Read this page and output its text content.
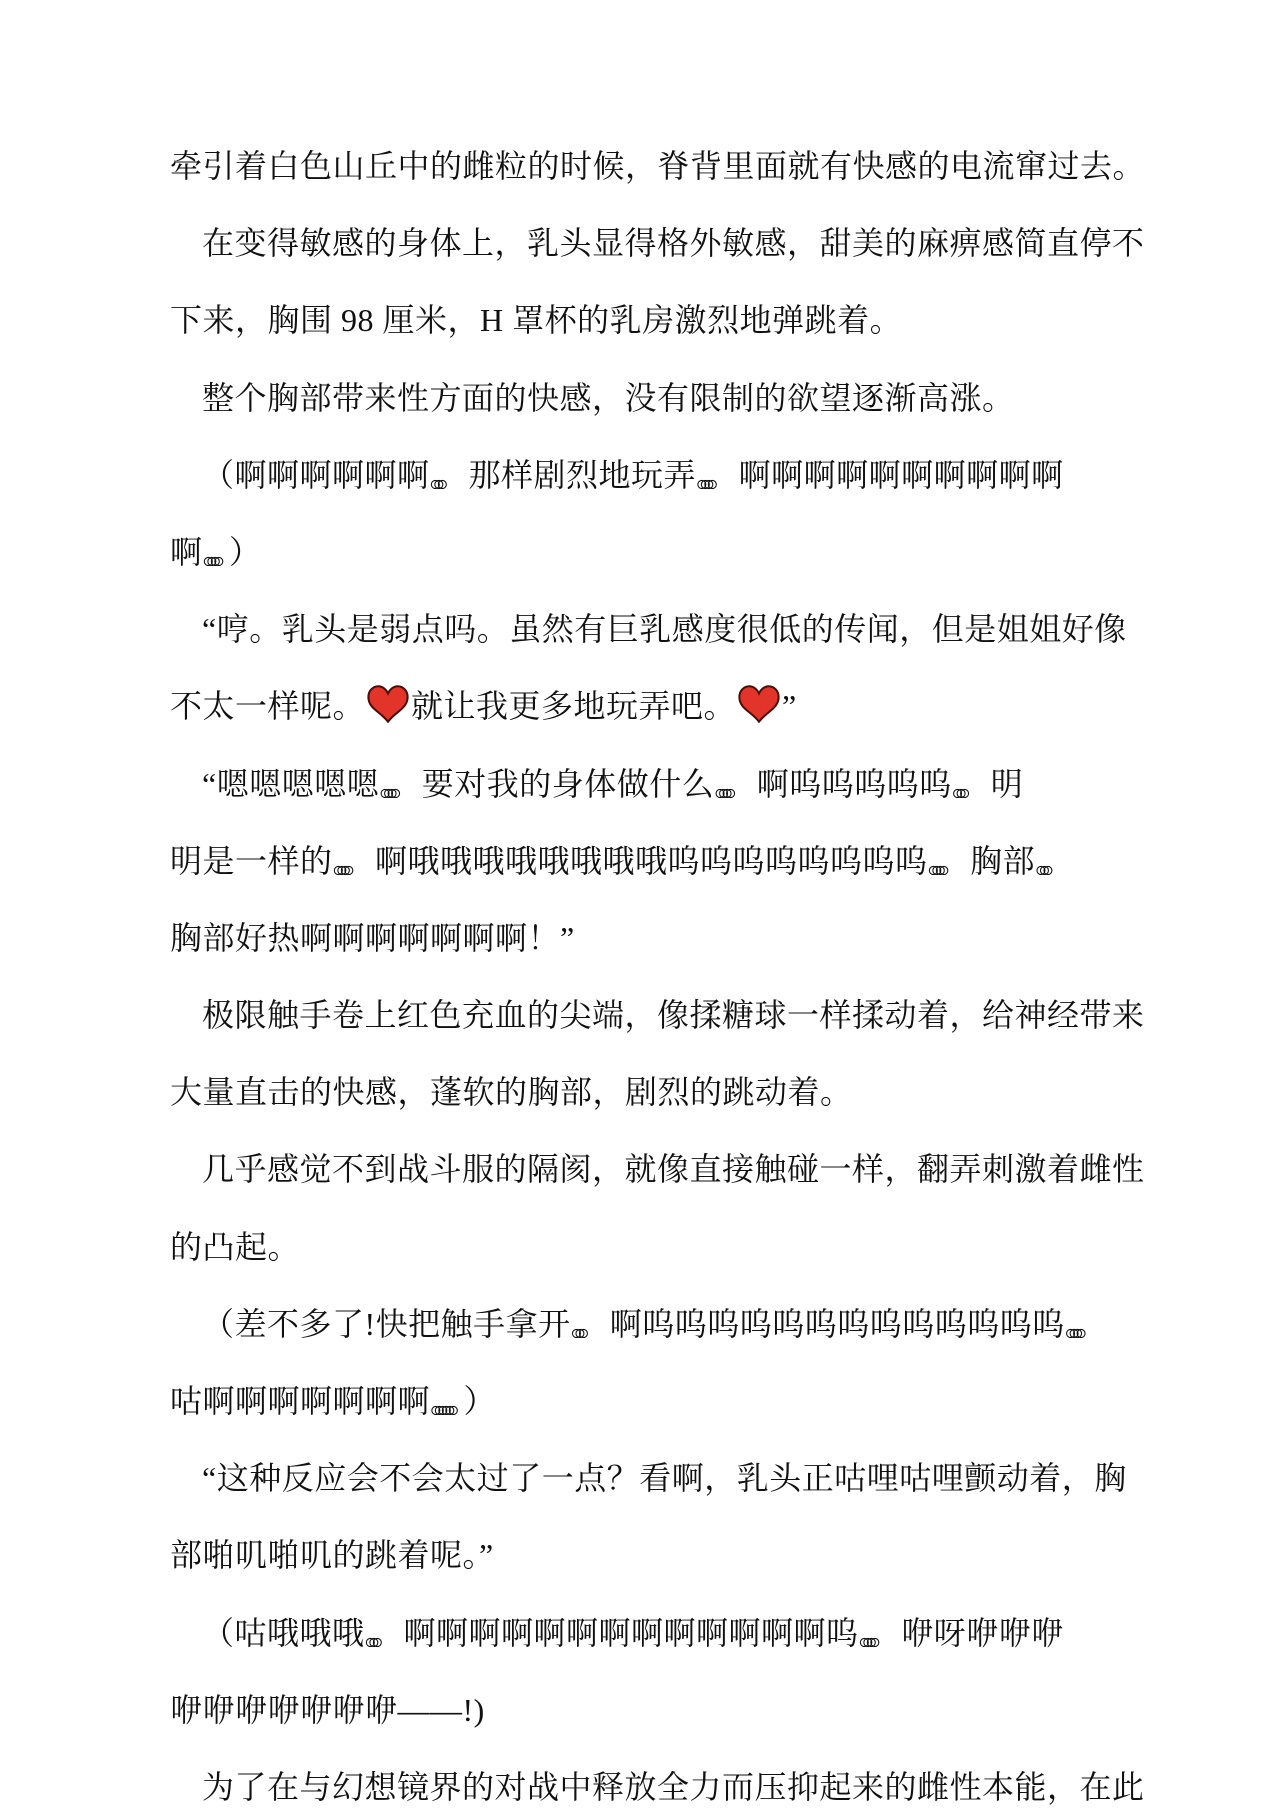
牵引着白色山丘中的雌粒的时候，脊背里面就有快感的电流窜过去。
在变得敏感的身体上，乳头显得格外敏感，甜美的麻痹感简直停不
下来，胸围 98 厘米，H 罩杯的乳房激烈地弹跳着。
整个胸部带来性方面的快感，没有限制的欲望逐渐高涨。
（啊啊啊啊啊啊。。。 那样剧烈地玩弄。。。。 啊啊啊啊啊啊啊啊啊啊
啊。。。。 ）
“哼。乳头是弱点吗。虽然有巨乳感度很低的传闻，但是姐姐好像
不太一样呢。 就让我更多地玩弄吧。 ”
“嗯嗯嗯嗯嗯。。。。 要对我的身体做什么。。。。 啊呜呜呜呜呜。。。 明
明是一样的。。。。 啊哦哦哦哦哦哦哦哦呜呜呜呜呜呜呜呜。。。。 胸部。。。
胸部好热啊啊啊啊啊啊啊！”
极限触手卷上红色充血的尖端，像揉糖球一样揉动着，给神经带来
大量直击的快感，蓬软的胸部，剧烈的跳动着。
几乎感觉不到战斗服的隔阂，就像直接触碰一样，翻弄刺激着雌性
的凸起。
（差不多了!快把触手拿开。。。 啊呜呜呜呜呜呜呜呜呜呜呜呜呜。。。。
咕啊啊啊啊啊啊啊。。。。。。 ）
“这种反应会不会太过了一点？看啊，乳头正咕哩咕哩颤动着，胸
部啪叽啪叽的跳着呢。”
（咕哦哦哦。。。 啊啊啊啊啊啊啊啊啊啊啊啊啊呜。。。。 咿呀咿咿咿
咿咿咿咿咿咿咿——!)
为了在与幻想镜界的对战中释放全力而压抑起来的雌性本能，在此
